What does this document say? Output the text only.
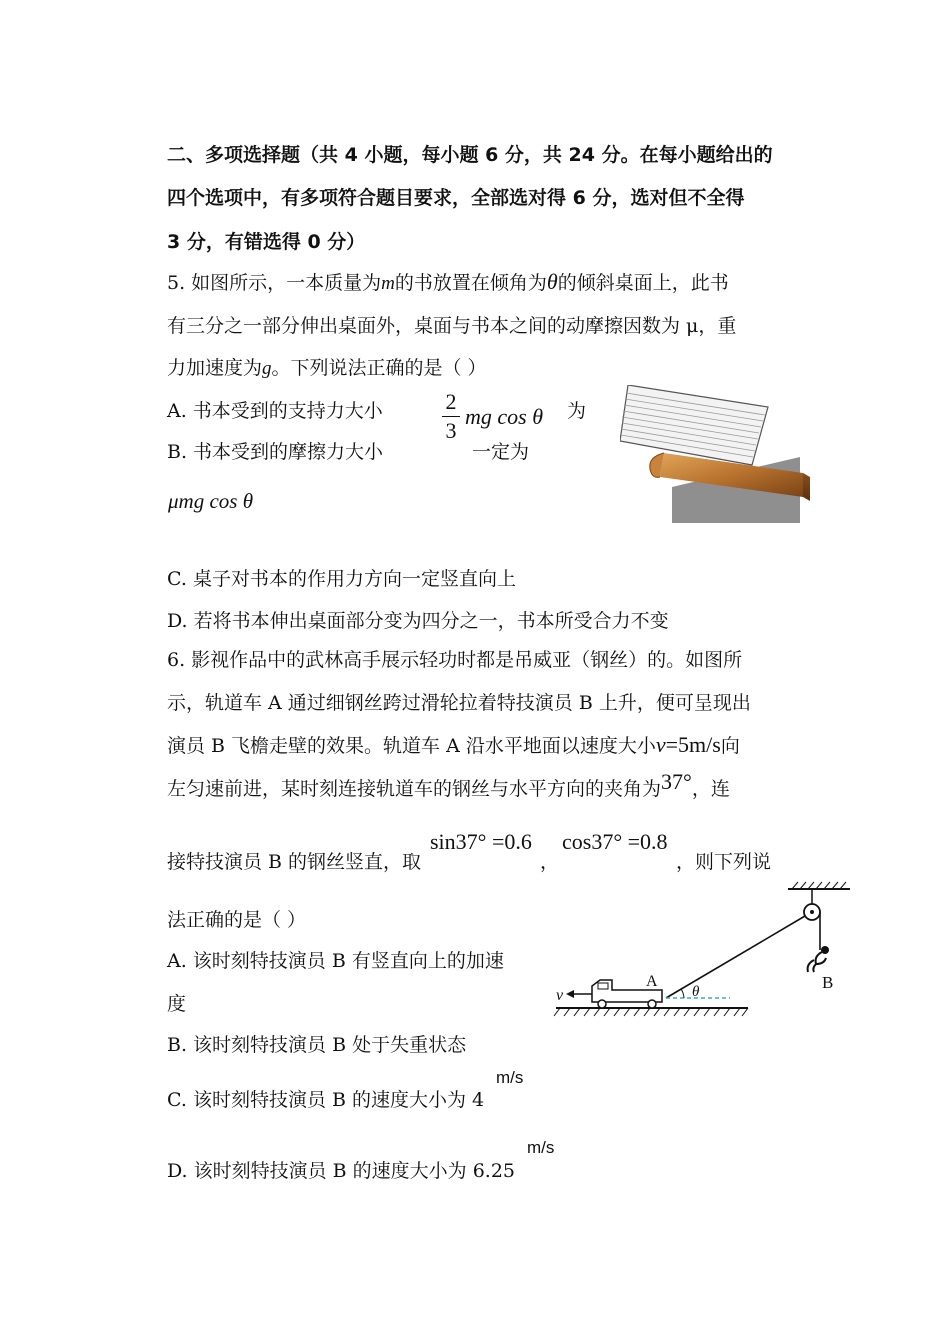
二、多项选择题（共 4 小题，每小题 6 分，共 24 分。在每小题给出的
四个选项中，有多项符合题目要求，全部选对得 6 分，选对但不全得
3 分，有错选得 0 分）
5. 如图所示，一本质量为m的书放置在倾角为θ的倾斜桌面上，此书
有三分之一部分伸出桌面外，桌面与书本之间的动摩擦因数为 μ，重
力加速度为g。下列说法正确的是（ ）
A. 书本受到的支持力大小	2
3
mg cos θ 为
B. 书本受到的摩擦力大小	一定为
μmg cos θ
C. 桌子对书本的作用力方向一定竖直向上
D. 若将书本伸出桌面部分变为四分之一，书本所受合力不变
6. 影视作品中的武林高手展示轻功时都是吊威亚（钢丝）的。如图所
示，轨道车 A 通过细钢丝跨过滑轮拉着特技演员 B 上升，便可呈现出
演员 B 飞檐走壁的效果。轨道车 A 沿水平地面以速度大小v=5m/s向
左匀速前进，某时刻连接轨道车的钢丝与水平方向的夹角为37°，连
接特技演员 B 的钢丝竖直，取
sin37° =0.6
，
cos37° =0.8
，则下列说
法正确的是（ ）
A. 该时刻特技演员 B 有竖直向上的加速
度
B. 该时刻特技演员 B 处于失重状态
C. 该时刻特技演员 B 的速度大小为 4
m/s
D. 该时刻特技演员 B 的速度大小为 6.25
m/s
B
v
A
θ
